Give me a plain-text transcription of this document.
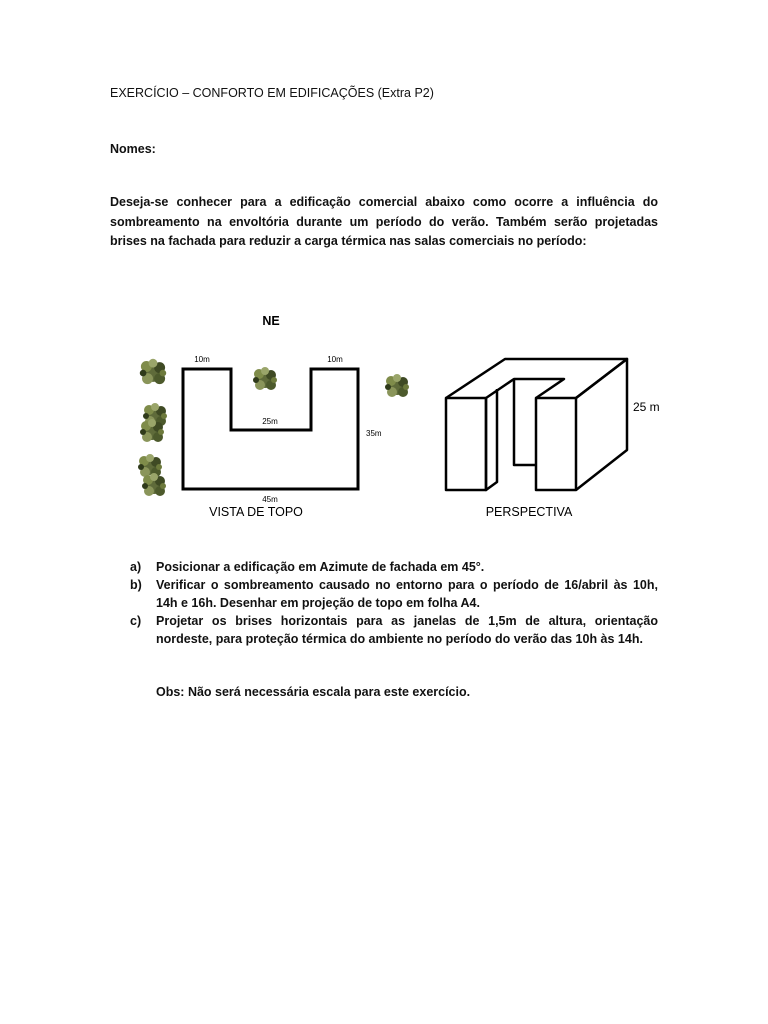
EXERCÍCIO – CONFORTO EM EDIFICAÇÕES (Extra P2)
Nomes:
Deseja-se conhecer para a edificação comercial abaixo como ocorre a influência do sombreamento na envoltória durante um período do verão. Também serão projetadas brises na fachada para reduzir a carga térmica nas salas comerciais no período:
NE
10m	10m
25m
35m
45m
VISTA DE TOPO
25 m
PERSPECTIVA
a) Posicionar a edificação em Azimute de fachada em 45°.
b) Verificar o sombreamento causado no entorno para o período de 16/abril às 10h, 14h e 16h. Desenhar em projeção de topo em folha A4.
c) Projetar os brises horizontais para as janelas de 1,5m de altura, orientação nordeste, para proteção térmica do ambiente no período do verão das 10h às 14h.
Obs: Não será necessária escala para este exercício.
